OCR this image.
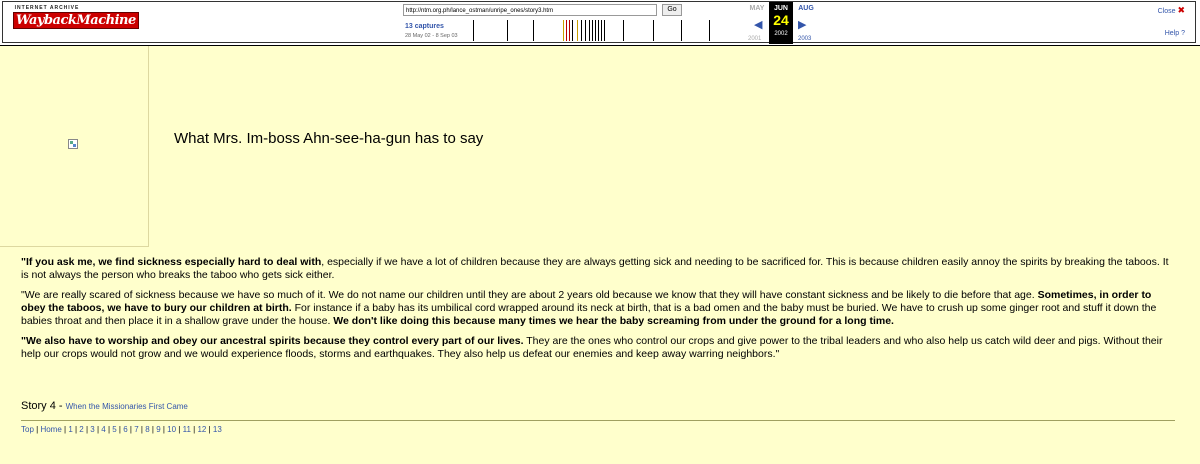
INTERNET ARCHIVE
WaybackMachine
http://ntm.org.ph/lance_ostman/unripe_ones/story3.htm	Go
13 captures
28 May 02 - 8 Sep 03
MAY
◀
2001
JUN
24
2002
AUG
▶
2003
Close ✖
Help ?
What Mrs. Im-boss Ahn-see-ha-gun has to say

"If you ask me, we find sickness especially hard to deal with, especially if we have a lot of children because they are always getting sick and needing to be sacrificed for. This is because children easily annoy the spirits by breaking the taboos. It is not always the person who breaks the taboo who gets sick either.

"We are really scared of sickness because we have so much of it. We do not name our children until they are about 2 years old because we know that they will have constant sickness and be likely to die before that age. Sometimes, in order to obey the taboos, we have to bury our children at birth. For instance if a baby has its umbilical cord wrapped around its neck at birth, that is a bad omen and the baby must be buried. We have to crush up some ginger root and stuff it down the babies throat and then place it in a shallow grave under the house. We don't like doing this because many times we hear the baby screaming from under the ground for a long time.

"We also have to worship and obey our ancestral spirits because they control every part of our lives. They are the ones who control our crops and give power to the tribal leaders and who also help us catch wild deer and pigs. Without their help our crops would not grow and we would experience floods, storms and earthquakes. They also help us defeat our enemies and keep away warring neighbors."

Story 4 - When the Missionaries First Came
Top | Home | 1 | 2 | 3 | 4 | 5 | 6 | 7 | 8 | 9 | 10 | 11 | 12 | 13
